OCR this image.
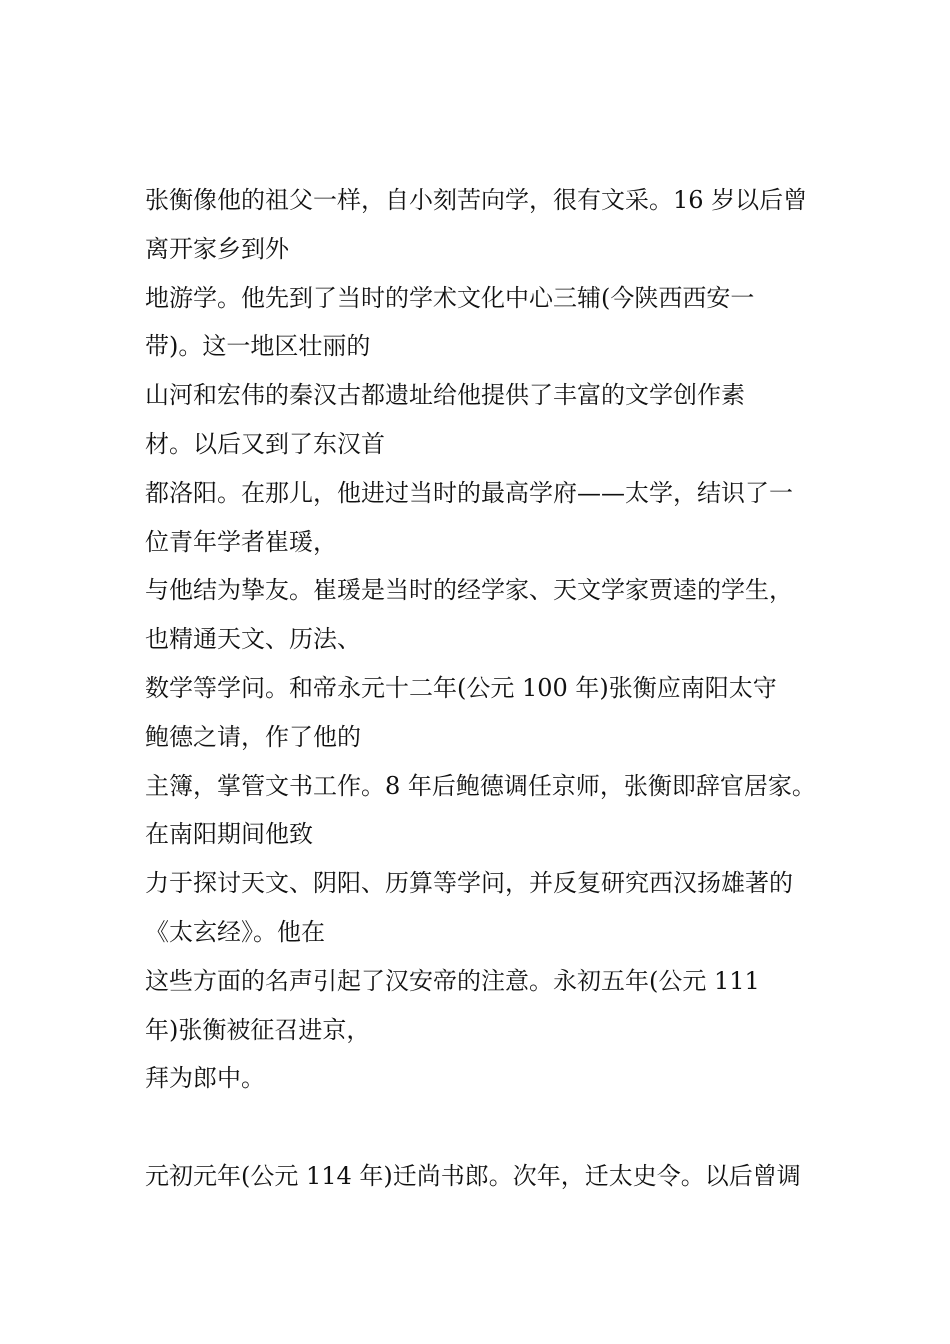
张衡像他的祖父一样，自小刻苦向学，很有文采。16 岁以后曾
离开家乡到外
地游学。他先到了当时的学术文化中心三辅(今陕西西安一
带)。这一地区壮丽的
山河和宏伟的秦汉古都遗址给他提供了丰富的文学创作素
材。以后又到了东汉首
都洛阳。在那儿，他进过当时的最高学府——太学，结识了一
位青年学者崔瑗，
与他结为挚友。崔瑗是当时的经学家、天文学家贾逵的学生，
也精通天文、历法、
数学等学问。和帝永元十二年(公元 100 年)张衡应南阳太守
鲍德之请，作了他的
主簿，掌管文书工作。8 年后鲍德调任京师，张衡即辞官居家。
在南阳期间他致
力于探讨天文、阴阳、历算等学问，并反复研究西汉扬雄著的
《太玄经》。他在
这些方面的名声引起了汉安帝的注意。永初五年(公元 111
年)张衡被征召进京，
拜为郎中。
元初元年(公元 114 年)迁尚书郎。次年，迁太史令。以后曾调
